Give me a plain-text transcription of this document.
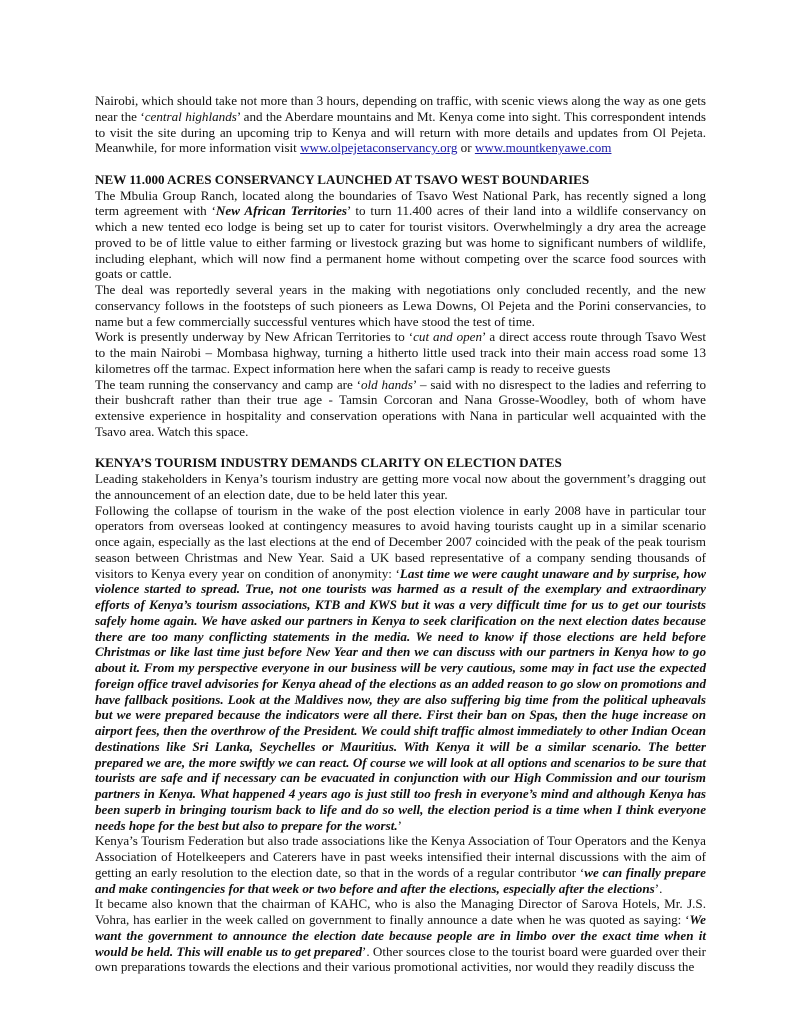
Nairobi, which should take not more than 3 hours, depending on traffic, with scenic views along the way as one gets near the ‘central highlands’ and the Aberdare mountains and Mt. Kenya come into sight. This correspondent intends to visit the site during an upcoming trip to Kenya and will return with more details and updates from Ol Pejeta. Meanwhile, for more information visit www.olpejetaconservancy.org or www.mountkenyawe.com

NEW 11.000 ACRES CONSERVANCY LAUNCHED AT TSAVO WEST BOUNDARIES

The Mbulia Group Ranch, located along the boundaries of Tsavo West National Park, has recently signed a long term agreement with ‘New African Territories’ to turn 11.400 acres of their land into a wildlife conservancy on which a new tented eco lodge is being set up to cater for tourist visitors. Overwhelmingly a dry area the acreage proved to be of little value to either farming or livestock grazing but was home to significant numbers of wildlife, including elephant, which will now find a permanent home without competing over the scarce food sources with goats or cattle.

The deal was reportedly several years in the making with negotiations only concluded recently, and the new conservancy follows in the footsteps of such pioneers as Lewa Downs, Ol Pejeta and the Porini conservancies, to name but a few commercially successful ventures which have stood the test of time.

Work is presently underway by New African Territories to ‘cut and open’ a direct access route through Tsavo West to the main Nairobi – Mombasa highway, turning a hitherto little used track into their main access road some 13 kilometres off the tarmac. Expect information here when the safari camp is ready to receive guests

The team running the conservancy and camp are ‘old hands’ – said with no disrespect to the ladies and referring to their bushcraft rather than their true age - Tamsin Corcoran and Nana Grosse-Woodley, both of whom have extensive experience in hospitality and conservation operations with Nana in particular well acquainted with the Tsavo area. Watch this space.

KENYA’S TOURISM INDUSTRY DEMANDS CLARITY ON ELECTION DATES

Leading stakeholders in Kenya’s tourism industry are getting more vocal now about the government’s dragging out the announcement of an election date, due to be held later this year.

Following the collapse of tourism in the wake of the post election violence in early 2008 have in particular tour operators from overseas looked at contingency measures to avoid having tourists caught up in a similar scenario once again, especially as the last elections at the end of December 2007 coincided with the peak of the peak tourism season between Christmas and New Year. Said a UK based representative of a company sending thousands of visitors to Kenya every year on condition of anonymity: ‘Last time we were caught unaware and by surprise, how violence started to spread. True, not one tourists was harmed as a result of the exemplary and extraordinary efforts of Kenya’s tourism associations, KTB and KWS but it was a very difficult time for us to get our tourists safely home again. We have asked our partners in Kenya to seek clarification on the next election dates because there are too many conflicting statements in the media. We need to know if those elections are held before Christmas or like last time just before New Year and then we can discuss with our partners in Kenya how to go about it. From my perspective everyone in our business will be very cautious, some may in fact use the expected foreign office travel advisories for Kenya ahead of the elections as an added reason to go slow on promotions and have fallback positions. Look at the Maldives now, they are also suffering big time from the political upheavals but we were prepared because the indicators were all there. First their ban on Spas, then the huge increase on airport fees, then the overthrow of the President. We could shift traffic almost immediately to other Indian Ocean destinations like Sri Lanka, Seychelles or Mauritius. With Kenya it will be a similar scenario. The better prepared we are, the more swiftly we can react. Of course we will look at all options and scenarios to be sure that tourists are safe and if necessary can be evacuated in conjunction with our High Commission and our tourism partners in Kenya. What happened 4 years ago is just still too fresh in everyone’s mind and although Kenya has been superb in bringing tourism back to life and do so well, the election period is a time when I think everyone needs hope for the best but also to prepare for the worst.’

Kenya’s Tourism Federation but also trade associations like the Kenya Association of Tour Operators and the Kenya Association of Hotelkeepers and Caterers have in past weeks intensified their internal discussions with the aim of getting an early resolution to the election date, so that in the words of a regular contributor ‘we can finally prepare and make contingencies for that week or two before and after the elections, especially after the elections’.

It became also known that the chairman of KAHC, who is also the Managing Director of Sarova Hotels, Mr. J.S. Vohra, has earlier in the week called on government to finally announce a date when he was quoted as saying: ‘We want the government to announce the election date because people are in limbo over the exact time when it would be held. This will enable us to get prepared’. Other sources close to the tourist board were guarded over their own preparations towards the elections and their various promotional activities, nor would they readily discuss the
